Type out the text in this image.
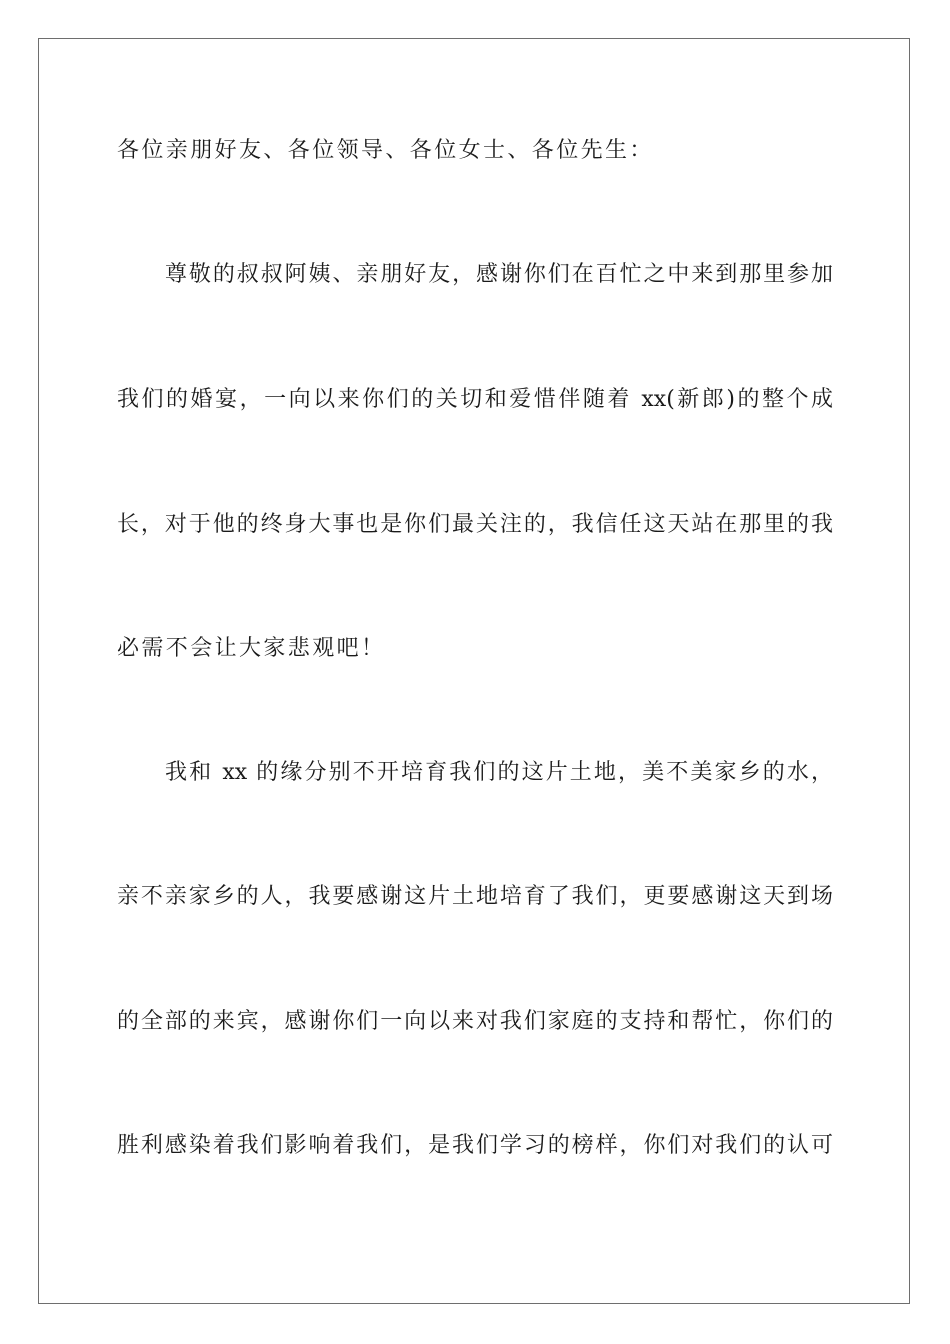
各位亲朋好友、各位领导、各位女士、各位先生：
尊敬的叔叔阿姨、亲朋好友，感谢你们在百忙之中来到那里参加
我们的婚宴，一向以来你们的关切和爱惜伴随着 xx(新郎)的整个成
长，对于他的终身大事也是你们最关注的，我信任这天站在那里的我
必需不会让大家悲观吧！
我和 xx 的缘分别不开培育我们的这片土地，美不美家乡的水，
亲不亲家乡的人，我要感谢这片土地培育了我们，更要感谢这天到场
的全部的来宾，感谢你们一向以来对我们家庭的支持和帮忙，你们的
胜利感染着我们影响着我们，是我们学习的榜样，你们对我们的认可
